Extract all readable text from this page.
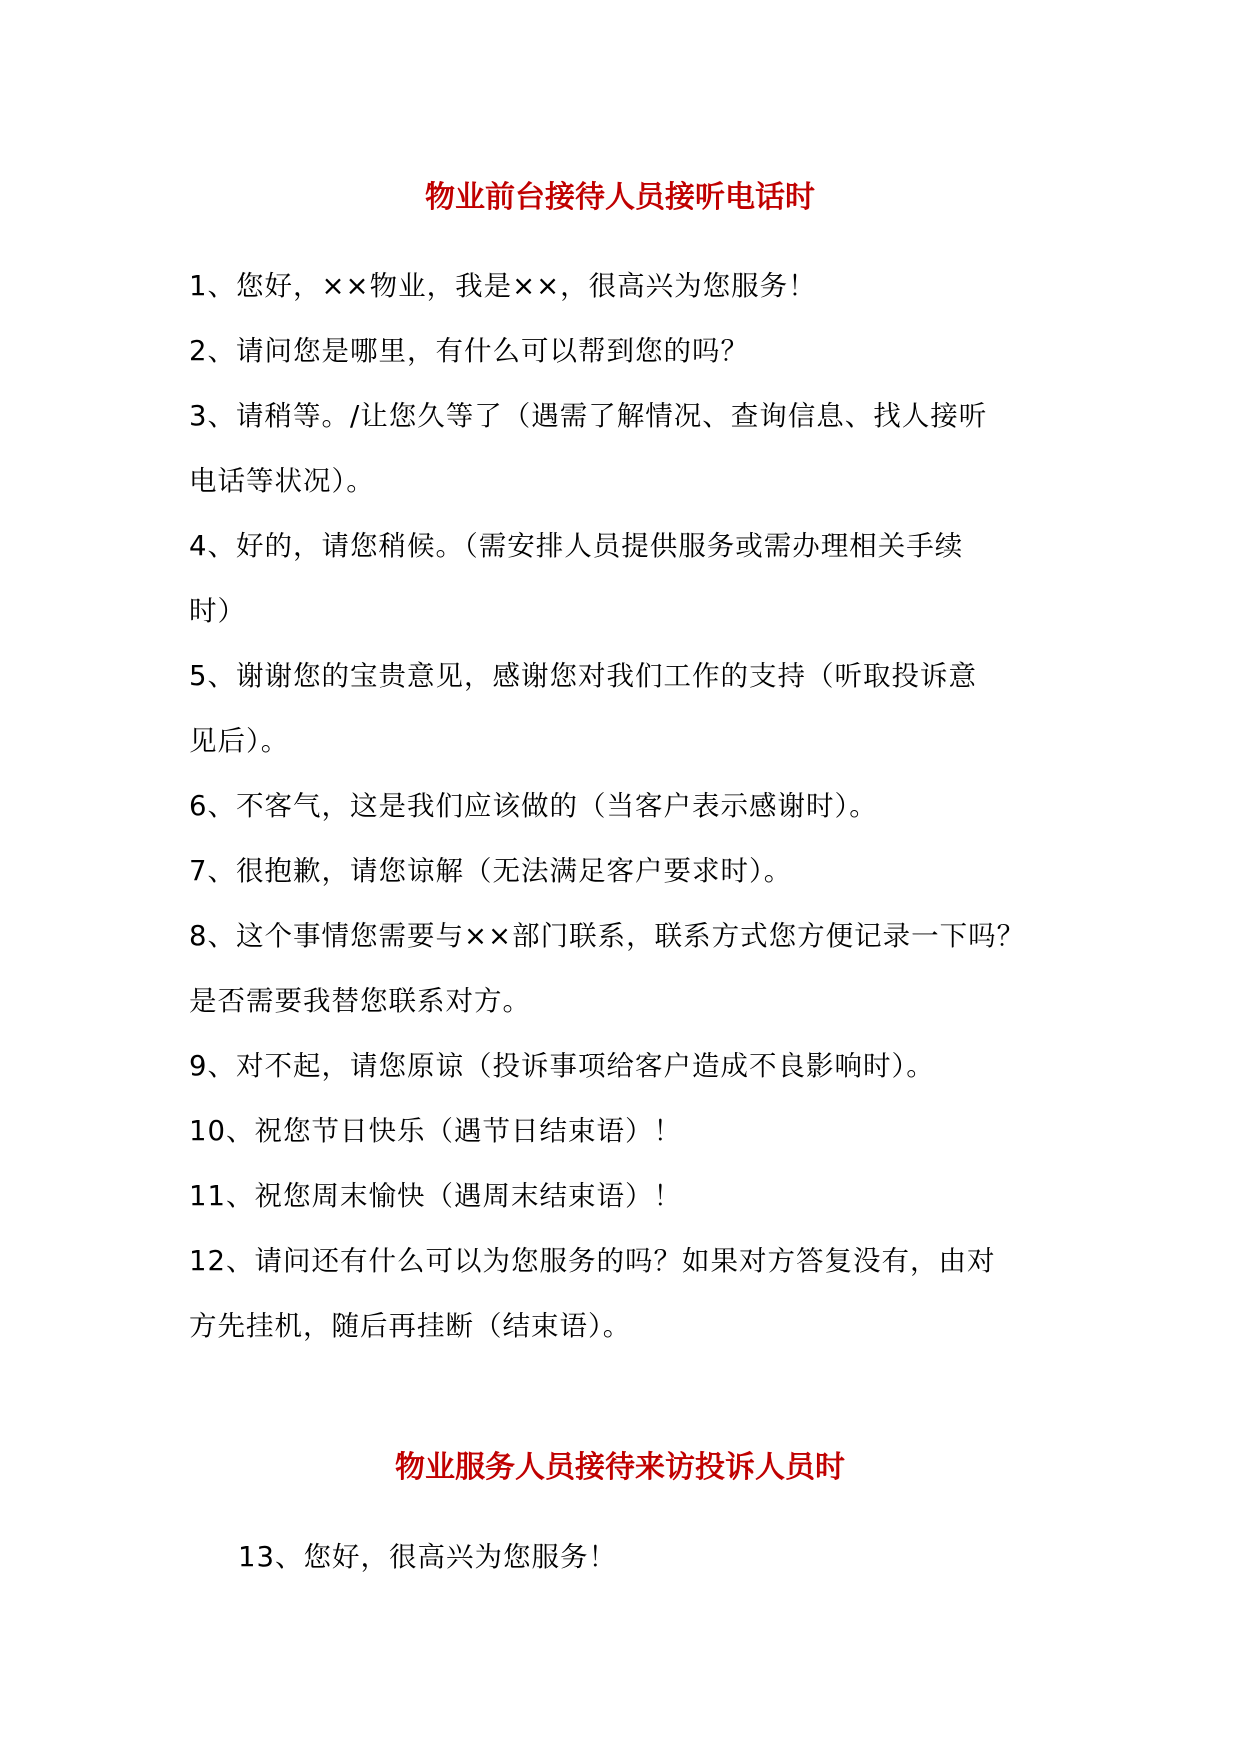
物业前台接待人员接听电话时

1、您好，××物业，我是××，很高兴为您服务！

2、请问您是哪里，有什么可以帮到您的吗？

3、请稍等。/让您久等了（遇需了解情况、查询信息、找人接听
电话等状况）。

4、好的，请您稍候。（需安排人员提供服务或需办理相关手续
时）

5、谢谢您的宝贵意见，感谢您对我们工作的支持（听取投诉意
见后）。

6、不客气，这是我们应该做的（当客户表示感谢时）。

7、很抱歉，请您谅解（无法满足客户要求时）。

8、这个事情您需要与××部门联系，联系方式您方便记录一下吗？
是否需要我替您联系对方。

9、对不起，请您原谅（投诉事项给客户造成不良影响时）。

10、祝您节日快乐（遇节日结束语）！

11、祝您周末愉快（遇周末结束语）！

12、请问还有什么可以为您服务的吗？如果对方答复没有，由对
方先挂机，随后再挂断（结束语）。

物业服务人员接待来访投诉人员时

13、您好，很高兴为您服务！
